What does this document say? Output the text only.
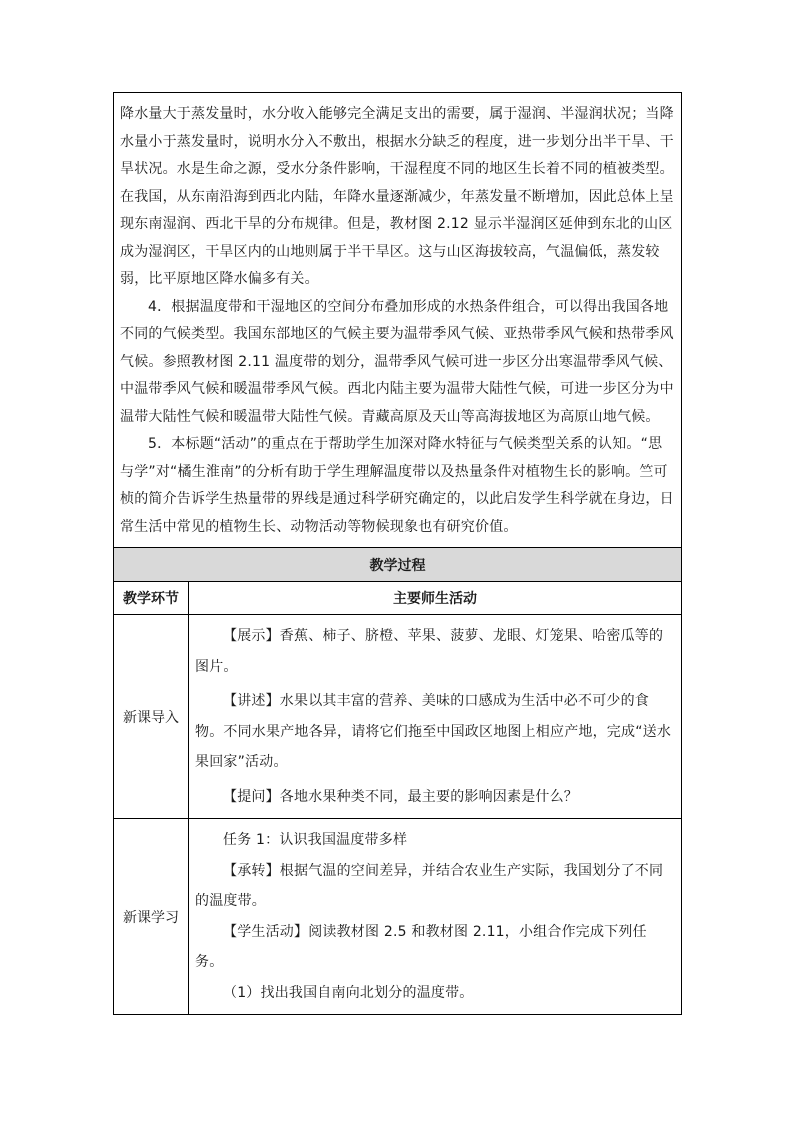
降水量大于蒸发量时，水分收入能够完全满足支出的需要，属于湿润、半湿润状况；当降水量小于蒸发量时，说明水分入不敷出，根据水分缺乏的程度，进一步划分出半干旱、干旱状况。水是生命之源，受水分条件影响，干湿程度不同的地区生长着不同的植被类型。在我国，从东南沿海到西北内陆，年降水量逐渐减少，年蒸发量不断增加，因此总体上呈现东南湿润、西北干旱的分布规律。但是，教材图 2.12 显示半湿润区延伸到东北的山区成为湿润区，干旱区内的山地则属于半干旱区。这与山区海拔较高，气温偏低，蒸发较弱，比平原地区降水偏多有关。

4．根据温度带和干湿地区的空间分布叠加形成的水热条件组合，可以得出我国各地不同的气候类型。我国东部地区的气候主要为温带季风气候、亚热带季风气候和热带季风气候。参照教材图 2.11 温度带的划分，温带季风气候可进一步区分出寒温带季风气候、中温带季风气候和暖温带季风气候。西北内陆主要为温带大陆性气候，可进一步区分为中温带大陆性气候和暖温带大陆性气候。青藏高原及天山等高海拔地区为高原山地气候。

5．本标题“活动”的重点在于帮助学生加深对降水特征与气候类型关系的认知。“思与学”对“橘生淮南”的分析有助于学生理解温度带以及热量条件对植物生长的影响。竺可桢的简介告诉学生热量带的界线是通过科学研究确定的，以此启发学生科学就在身边，日常生活中常见的植物生长、动物活动等物候现象也有研究价值。	

教学过程	
教学环节	主要师生活动
新课导入	【展示】香蕉、柿子、脐橙、苹果、菠萝、龙眼、灯笼果、哈密瓜等的图片。

【讲述】水果以其丰富的营养、美味的口感成为生活中必不可少的食物。不同水果产地各异，请将它们拖至中国政区地图上相应产地，完成“送水果回家”活动。

【提问】各地水果种类不同，最主要的影响因素是什么？

新课学习	任务 1：认识我国温度带多样

【承转】根据气温的空间差异，并结合农业生产实际，我国划分了不同的温度带。

【学生活动】阅读教材图 2.5 和教材图 2.11，小组合作完成下列任务。

（1）找出我国自南向北划分的温度带。
